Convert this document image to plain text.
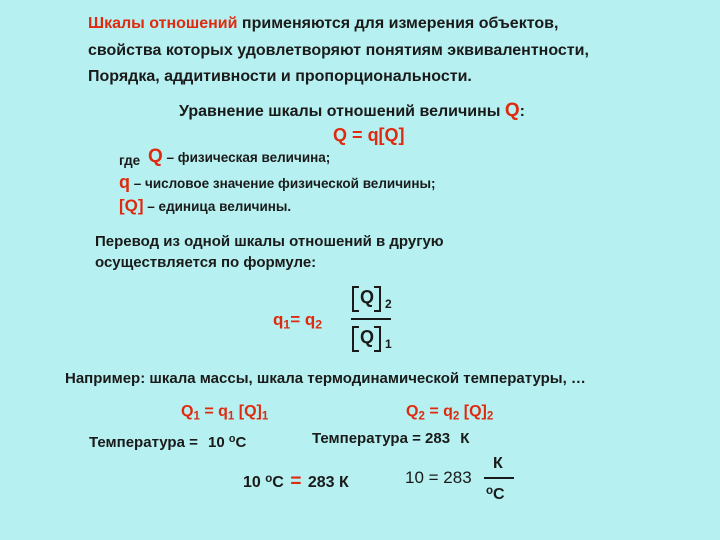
Шкалы отношений применяются для измерения объектов,
свойства которых удовлетворяют понятиям эквивалентности,
Порядка, аддитивности и пропорциональности.
Уравнение шкалы отношений величины Q:
Q = q[Q]
где Q – физическая величина;
q – числовое значение физической величины;
[Q] – единица величины.
Перевод из одной шкалы отношений в другую
осуществляется по формуле:
$q_1= q_2$
Q 2
Q 1
Например: шкала массы, шкала термодинамической температуры, …
$Q_1 = q_1$ $[Q]_1$	$Q_2 = q_2$ $[Q]_2$
Температура = 10 $^o$C	Температура = 283 К
10 $^o$C = 283 К	10 = 283
К
$^o$С
